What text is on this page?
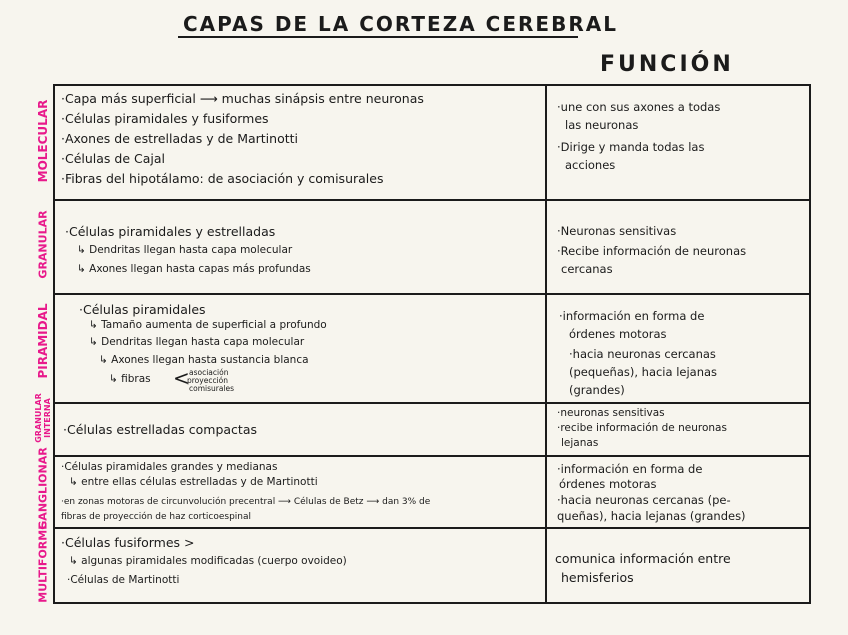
CAPAS DE LA CORTEZA CEREBRAL
FUNCIÓN
MOLECULAR
GRANULAR
PIRAMIDAL
GRANULAR INTERNA
GANGLIONAR
MULTIFORME
·Capa más superficial ⟶ muchas sinápsis entre neuronas
·Células piramidales y fusiformes
·Axones de estrelladas y de Martinotti
·Células de Cajal
·Fibras del hipotálamo: de asociación y comisurales
·une con sus axones a todas
las neuronas
·Dirige y manda todas las
acciones
·Células piramidales y estrelladas
↳ Dendritas llegan hasta capa molecular
↳ Axones llegan hasta capas más profundas
·Neuronas sensitivas
·Recibe información de neuronas
cercanas
·Células piramidales
↳ Tamaño aumenta de superficial a profundo
↳ Dendritas llegan hasta capa molecular
↳ Axones llegan hasta sustancia blanca
↳ fibras < asociación
proyección
comisurales
·información en forma de
órdenes motoras
·hacia neuronas cercanas
(pequeñas), hacia lejanas
(grandes)
·Células estrelladas compactas
·neuronas sensitivas
·recibe información de neuronas
lejanas
·Células piramidales grandes y medianas
↳ entre ellas células estrelladas y de Martinotti
·en zonas motoras de circunvolución precentral ⟶ Células de Betz ⟶ dan 3% de
fibras de proyección de haz corticoespinal
·información en forma de
órdenes motoras
·hacia neuronas cercanas (pe-
queñas), hacia lejanas (grandes)
·Células fusiformes >
↳ algunas piramidales modificadas (cuerpo ovoideo)
·Células de Martinotti
comunica información entre
hemisferios
